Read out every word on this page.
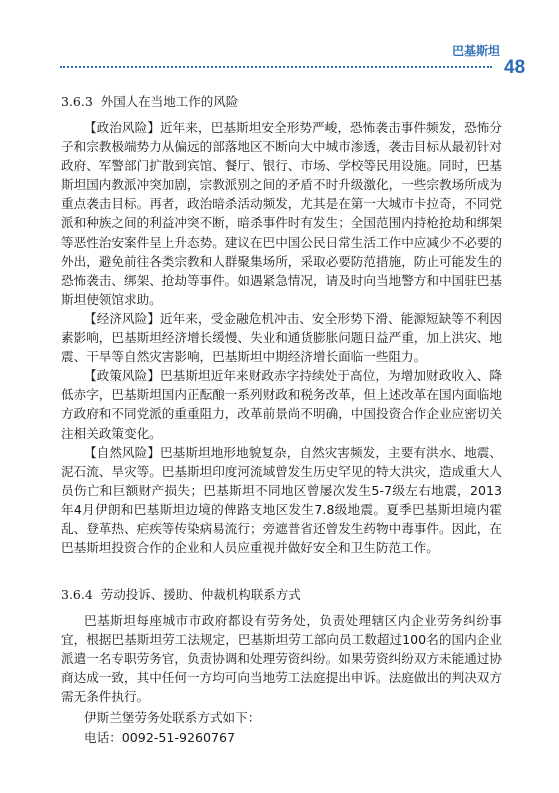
巴基斯坦
48
3.6.3 外国人在当地工作的风险

【政治风险】近年来，巴基斯坦安全形势严峻，恐怖袭击事件频发，恐怖分子和宗教极端势力从偏远的部落地区不断向大中城市渗透，袭击目标从最初针对政府、军警部门扩散到宾馆、餐厅、银行、市场、学校等民用设施。同时，巴基斯坦国内教派冲突加剧，宗教派别之间的矛盾不时升级激化，一些宗教场所成为重点袭击目标。再者，政治暗杀活动频发，尤其是在第一大城市卡拉奇，不同党派和种族之间的利益冲突不断，暗杀事件时有发生；全国范围内持枪抢劫和绑架等恶性治安案件呈上升态势。建议在巴中国公民日常生活工作中应减少不必要的外出，避免前往各类宗教和人群聚集场所，采取必要防范措施，防止可能发生的恐怖袭击、绑架、抢劫等事件。如遇紧急情况，请及时向当地警方和中国驻巴基斯坦使领馆求助。

【经济风险】近年来，受金融危机冲击、安全形势下滑、能源短缺等不利因素影响，巴基斯坦经济增长缓慢、失业和通货膨胀问题日益严重，加上洪灾、地震、干旱等自然灾害影响，巴基斯坦中期经济增长面临一些阻力。

【政策风险】巴基斯坦近年来财政赤字持续处于高位，为增加财政收入、降低赤字，巴基斯坦国内正酝酿一系列财政和税务改革，但上述改革在国内面临地方政府和不同党派的重重阻力，改革前景尚不明确，中国投资合作企业应密切关注相关政策变化。

【自然风险】巴基斯坦地形地貌复杂，自然灾害频发，主要有洪水、地震、泥石流、旱灾等。巴基斯坦印度河流域曾发生历史罕见的特大洪灾，造成重大人员伤亡和巨额财产损失；巴基斯坦不同地区曾屡次发生5-7级左右地震，2013年4月伊朗和巴基斯坦边境的俾路支地区发生7.8级地震。夏季巴基斯坦境内霍乱、登革热、疟疾等传染病易流行；旁遮普省还曾发生药物中毒事件。因此，在巴基斯坦投资合作的企业和人员应重视并做好安全和卫生防范工作。

3.6.4 劳动投诉、援助、仲裁机构联系方式

巴基斯坦每座城市市政府都设有劳务处，负责处理辖区内企业劳务纠纷事宜，根据巴基斯坦劳工法规定，巴基斯坦劳工部向员工数超过100名的国内企业派遣一名专职劳务官，负责协调和处理劳资纠纷。如果劳资纠纷双方未能通过协商达成一致，其中任何一方均可向当地劳工法庭提出申诉。法庭做出的判决双方需无条件执行。

伊斯兰堡劳务处联系方式如下：
电话：0092-51-9260767
